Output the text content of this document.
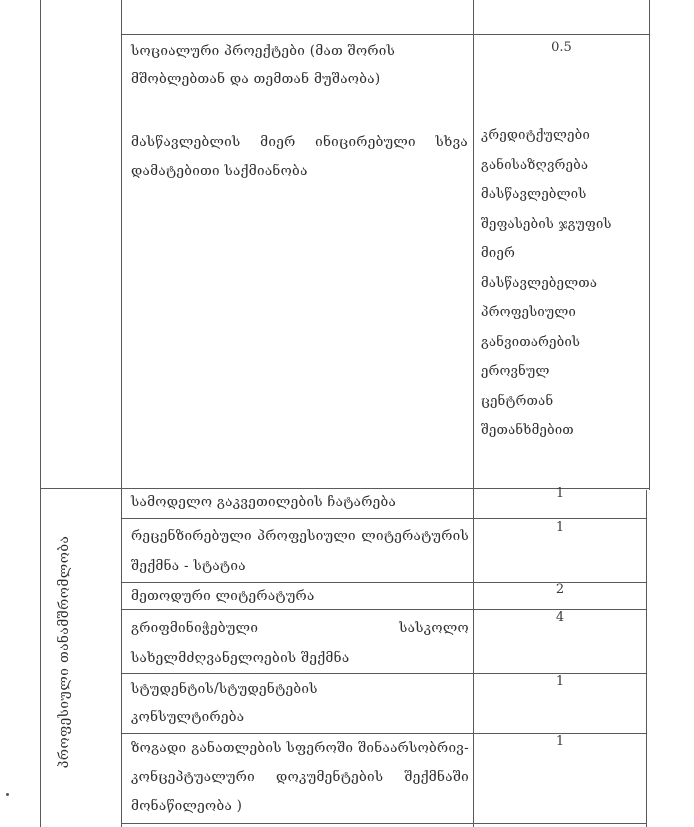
სოციალური პროექტები (მათ შორის მშობლებთან და თემთან მუშაობა)
0.5
მასწავლებლის მიერ ინიცირებული სხვა დამატებითი საქმიანობა
კრედიტქულები
განისაზღვრება
მასწავლებლის
შეფასების ჯგუფის
მიერ
მასწავლებელთა
პროფესიული
განვითარების
ეროვნულ
ცენტრთან
შეთანხმებით
პროფესიული თანამშრომლობა
სამოდელო გაკვეთილების ჩატარება
1
რეცენზირებული პროფესიული ლიტერატურის შექმნა - სტატია
1
მეთოდური ლიტერატურა	2
გრიფმინიჭებული სასკოლო სახელმძღვანელოების შექმნა
4
სტუდენტის/სტუდენტების კონსულტირება
1
ზოგადი განათლების სფეროში შინაარსობრივ-კონცეპტუალური დოკუმენტების შექმნაში მონაწილეობა )
1
